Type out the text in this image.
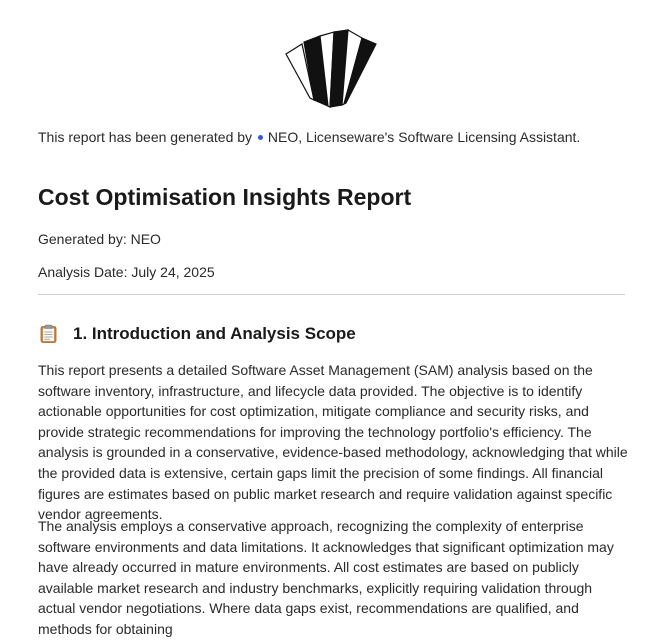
This report has been generated by NEO, Licenseware's Software Licensing Assistant.
Cost Optimisation Insights Report
Generated by: NEO
Analysis Date: July 24, 2025
1. Introduction and Analysis Scope

This report presents a detailed Software Asset Management (SAM) analysis based on the software inventory, infrastructure, and lifecycle data provided. The objective is to identify actionable opportunities for cost optimization, mitigate compliance and security risks, and provide strategic recommendations for improving the technology portfolio's efficiency. The analysis is grounded in a conservative, evidence-based methodology, acknowledging that while the provided data is extensive, certain gaps limit the precision of some findings. All financial figures are estimates based on public market research and require validation against specific vendor agreements.

The analysis employs a conservative approach, recognizing the complexity of enterprise software environments and data limitations. It acknowledges that significant optimization may have already occurred in mature environments. All cost estimates are based on publicly available market research and industry benchmarks, explicitly requiring validation through actual vendor negotiations. Where data gaps exist, recommendations are qualified, and methods for obtaining
